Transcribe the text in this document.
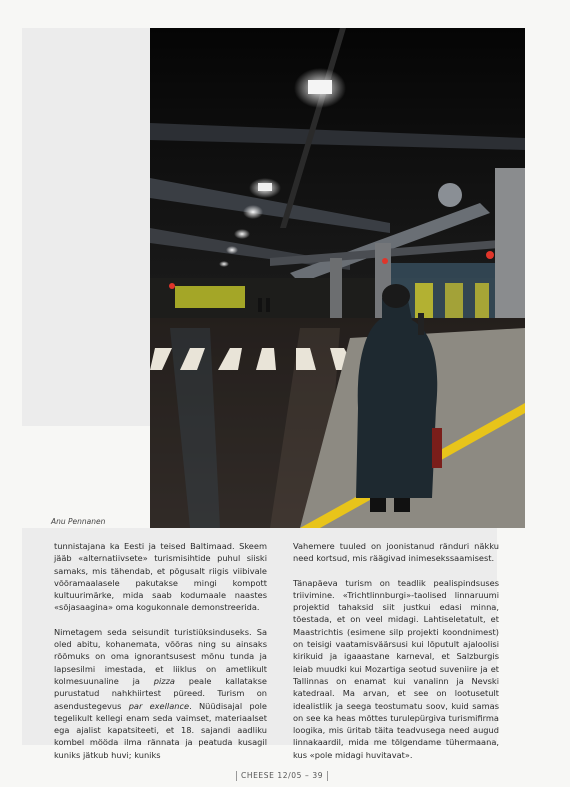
Anu Pennanen

tunnistajana ka Eesti ja teised Baltimaad. Skeem jääb «alternatiivsete» turismisihtide puhul siiski samaks, mis tähendab, et põgusalt riigis viibivale võõramaalasele pakutakse mingi kompott kultuurimärke, mida saab kodumaale naastes «sõjasaagina» oma kogukonnale demonstreerida.

Nimetagem seda seisundit turistiüksinduseks. Sa oled abitu, kohanemata, võõras ning su ainsaks rõõmuks on oma ignorantsusest mõnu tunda ja lapsesilmi imestada, et liiklus on ametlikult kolmesuunaline ja pizza peale kallatakse purustatud nahkhiirtest püreed. Turism on asendustegevus par exellance. Nüüdisajal pole tegelikult kellegi enam seda vaimset, materiaalset ega ajalist kapatsiteeti, et 18. sajandi aadliku kombel mööda ilma rännata ja peatuda kusagil kuniks jätkub huvi; kuniks

Vahemere tuuled on joonistanud ränduri näkku need kortsud, mis räägivad inimesekssaamisest.

Tänapäeva turism on teadlik pealispindsuses triivimine. «Trichtlinnburgi»-taolised linnaruumi projektid tahaksid siit justkui edasi minna, tõestada, et on veel midagi. Lahtiseletatult, et Maastrichtis (esimene silp projekti koondnimest) on teisigi vaatamisväärsusi kui lõputult ajaloolisi kirikuid ja igaaastane karneval, et Salzburgis leiab muudki kui Mozartiga seotud suveniire ja et Tallinnas on enamat kui vanalinn ja Nevski katedraal. Ma arvan, et see on lootusetult idealistlik ja seega teostumatu soov, kuid samas on see ka heas mõttes turulepürgiva turismifirma loogika, mis üritab täita teadvusega need augud linnakaardil, mida me tõlgendame tühermaana, kus «pole midagi huvitavat».

CHEESE 12/05 – 39
